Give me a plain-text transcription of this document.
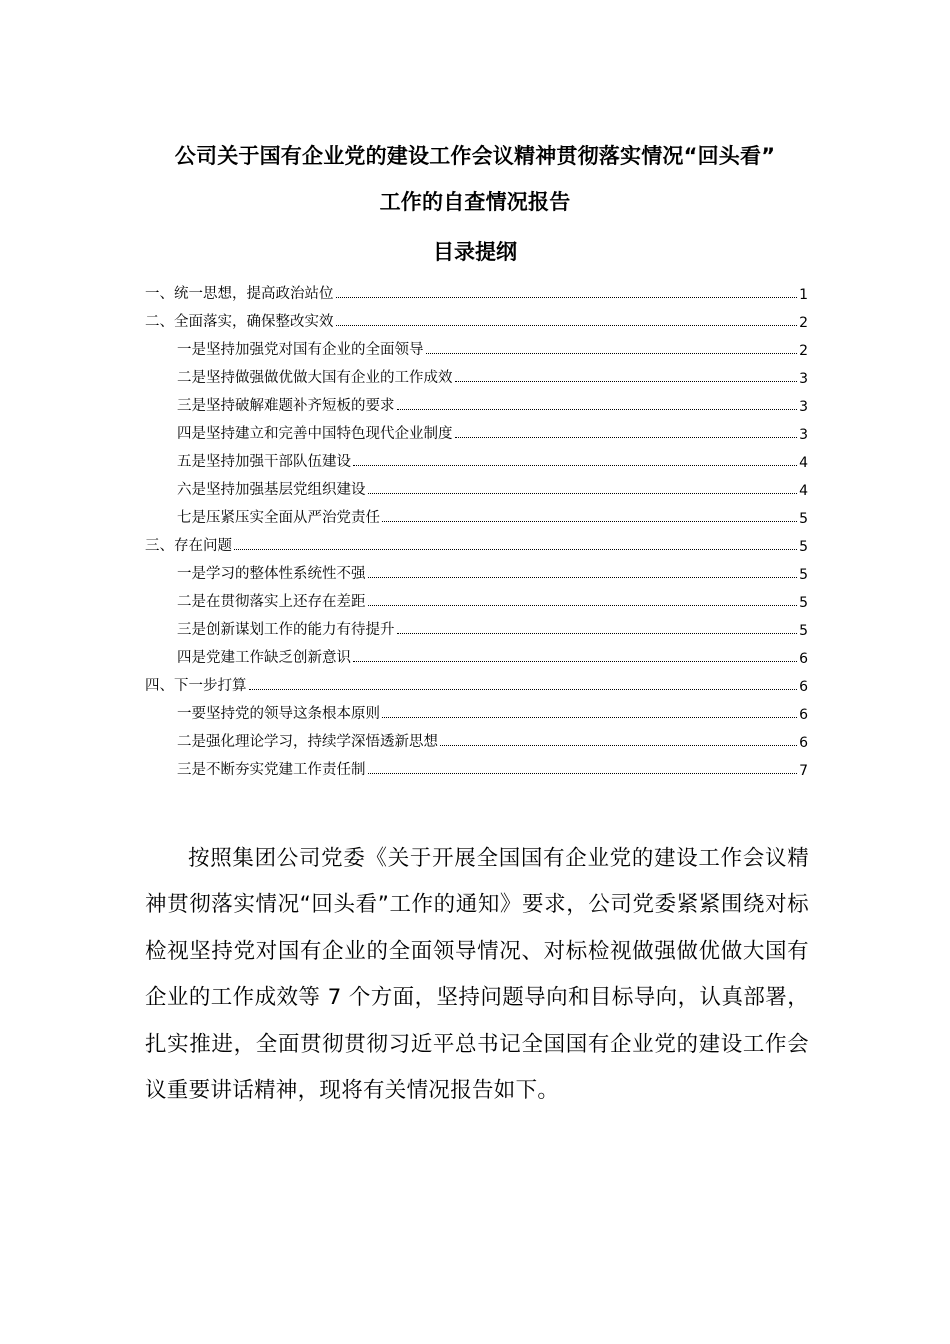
公司关于国有企业党的建设工作会议精神贯彻落实情况“回头看”
工作的自查情况报告
目录提纲
一、统一思想，提高政治站位	1
二、全面落实，确保整改实效	2
一是坚持加强党对国有企业的全面领导	2
二是坚持做强做优做大国有企业的工作成效	3
三是坚持破解难题补齐短板的要求	3
四是坚持建立和完善中国特色现代企业制度	3
五是坚持加强干部队伍建设	4
六是坚持加强基层党组织建设	4
七是压紧压实全面从严治党责任	5
三、存在问题	5
一是学习的整体性系统性不强	5
二是在贯彻落实上还存在差距	5
三是创新谋划工作的能力有待提升	5
四是党建工作缺乏创新意识	6
四、下一步打算	6
一要坚持党的领导这条根本原则	6
二是强化理论学习，持续学深悟透新思想	6
三是不断夯实党建工作责任制	7
按照集团公司党委《关于开展全国国有企业党的建设工作会议精神贯彻落实情况“回头看”工作的通知》要求，公司党委紧紧围绕对标检视坚持党对国有企业的全面领导情况、对标检视做强做优做大国有企业的工作成效等 7 个方面，坚持问题导向和目标导向，认真部署，扎实推进，全面贯彻贯彻习近平总书记全国国有企业党的建设工作会议重要讲话精神，现将有关情况报告如下。
